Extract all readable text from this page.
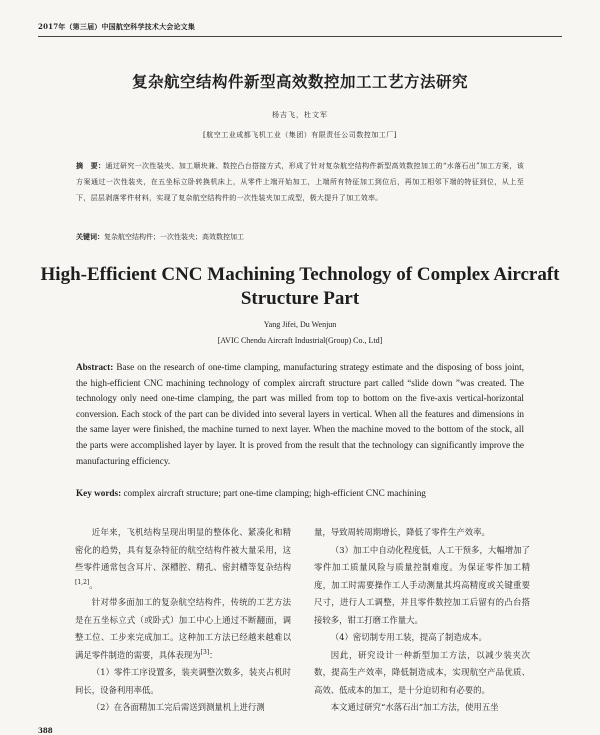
2017年（第三届）中国航空科学技术大会论文集
复杂航空结构件新型高效数控加工工艺方法研究
杨吉飞，杜文军
[航空工业成都飞机工业（集团）有限责任公司数控加工厂]
摘　要：通过研究一次性装夹、加工顺块兼、数控凸台搭接方式，形成了针对复杂航空结构件新型高效数控加工的“水落石出”加工方案，该方案通过一次性装夹，在五坐标立卧转换机床上，从零件上端开始加工，上端所有特征加工到位后，再加工相邻下端的特征到位，从上至下，层层剥落零件材料，实现了复杂航空结构件的一次性装夹加工成型，极大提升了加工效率。
关键词：复杂航空结构件；一次性装夹；高效数控加工
High-Efficient CNC Machining Technology of Complex Aircraft Structure Part
Yang Jifei, Du Wenjun
[AVIC Chendu Aircraft Industrial(Group) Co., Ltd]
Abstract: Base on the research of one-time clamping, manufacturing strategy estimate and the disposing of boss joint, the high-efficient CNC machining technology of complex aircraft structure part called “slide down ”was created. The technology only need one-time clamping, the part was milled from top to bottom on the five-axis vertical-horizontal conversion. Each stock of the part can be divided into several layers in vertical. When all the features and dimensions in the same layer were finished, the machine turned to next layer. When the machine moved to the bottom of the stock, all the parts were accomplished layer by layer. It is proved from the result that the technology can significantly improve the manufacturing efficiency.
Key words: complex aircraft structure; part one-time clamping; high-efficient CNC machining

近年来，飞机结构呈现出明显的整体化、紧凑化和精密化的趋势，具有复杂特征的航空结构件被大量采用，这些零件通常包含耳片、深槽腔、精孔、密封槽等复杂结构[1,2]。

针对带多面加工的复杂航空结构件，传统的工艺方法是在五坐标立式（或卧式）加工中心上通过不断翻面，调整工位、工步来完成加工。这种加工方法已经越来越难以满足零件制造的需要，具体表现为[3]：

（1）零件工序设置多，装夹调整次数多，装夹占机时间长，设备利用率低。

（2）在各面精加工完后需送到测量机上进行测

量，导致周转周期增长，降低了零件生产效率。

（3）加工中自动化程度低，人工干预多，大幅增加了零件加工质量风险与质量控制难度。为保证零件加工精度，加工时需要操作工人手动测量其坞高精度或关键重要尺寸，进行人工调整，并且零件数控加工后留有的凸台搭接较多，钳工打磨工作量大。

（4）密切制专用工装，提高了制造成本。

因此，研究设计一种新型加工方法，以减少装夹次数，提高生产效率，降低制造成本，实现航空产品优质、高效、低成本的加工，是十分迫切和有必要的。

本文通过研究“水落石出”加工方法，使用五坐

388
